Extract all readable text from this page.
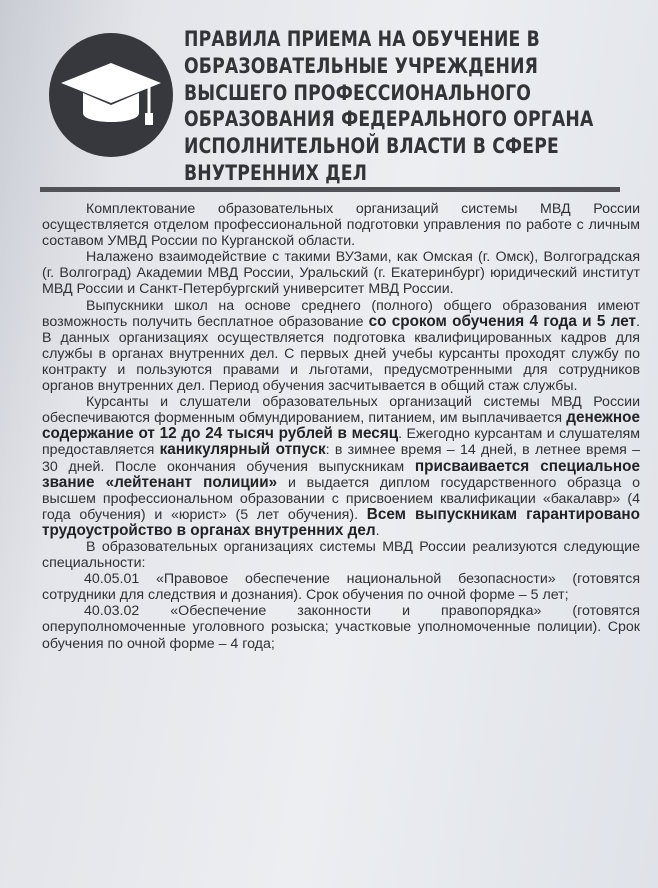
ПРАВИЛА ПРИЕМА НА ОБУЧЕНИЕ В
ОБРАЗОВАТЕЛЬНЫЕ УЧРЕЖДЕНИЯ
ВЫСШЕГО ПРОФЕССИОНАЛЬНОГО
ОБРАЗОВАНИЯ ФЕДЕРАЛЬНОГО ОРГАНА
ИСПОЛНИТЕЛЬНОЙ ВЛАСТИ В СФЕРЕ
ВНУТРЕННИХ ДЕЛ

Комплектование образовательных организаций системы МВД России осуществляется отделом профессиональной подготовки управления по работе с личным составом УМВД России по Курганской области.

Налажено взаимодействие с такими ВУЗами, как Омская (г. Омск), Волгоградская (г. Волгоград) Академии МВД России, Уральский (г. Екатеринбург) юридический институт МВД России и Санкт-Петербургский университет МВД России.

Выпускники школ на основе среднего (полного) общего образования имеют возможность получить бесплатное образование со сроком обучения 4 года и 5 лет. В данных организациях осуществляется подготовка квалифицированных кадров для службы в органах внутренних дел. С первых дней учебы курсанты проходят службу по контракту и пользуются правами и льготами, предусмотренными для сотрудников органов внутренних дел. Период обучения засчитывается в общий стаж службы.

Курсанты и слушатели образовательных организаций системы МВД России обеспечиваются форменным обмундированием, питанием, им выплачивается денежное содержание от 12 до 24 тысяч рублей в месяц. Ежегодно курсантам и слушателям предоставляется каникулярный отпуск: в зимнее время – 14 дней, в летнее время – 30 дней. После окончания обучения выпускникам присваивается специальное звание «лейтенант полиции» и выдается диплом государственного образца о высшем профессиональном образовании с присвоением квалификации «бакалавр» (4 года обучения) и «юрист» (5 лет обучения). Всем выпускникам гарантировано трудоустройство в органах внутренних дел.

В образовательных организациях системы МВД России реализуются следующие специальности:

40.05.01 «Правовое обеспечение национальной безопасности» (готовятся сотрудники для следствия и дознания). Срок обучения по очной форме – 5 лет;

40.03.02 «Обеспечение законности и правопорядка» (готовятся оперуполномоченные уголовного розыска; участковые уполномоченные полиции). Срок обучения по очной форме – 4 года;
